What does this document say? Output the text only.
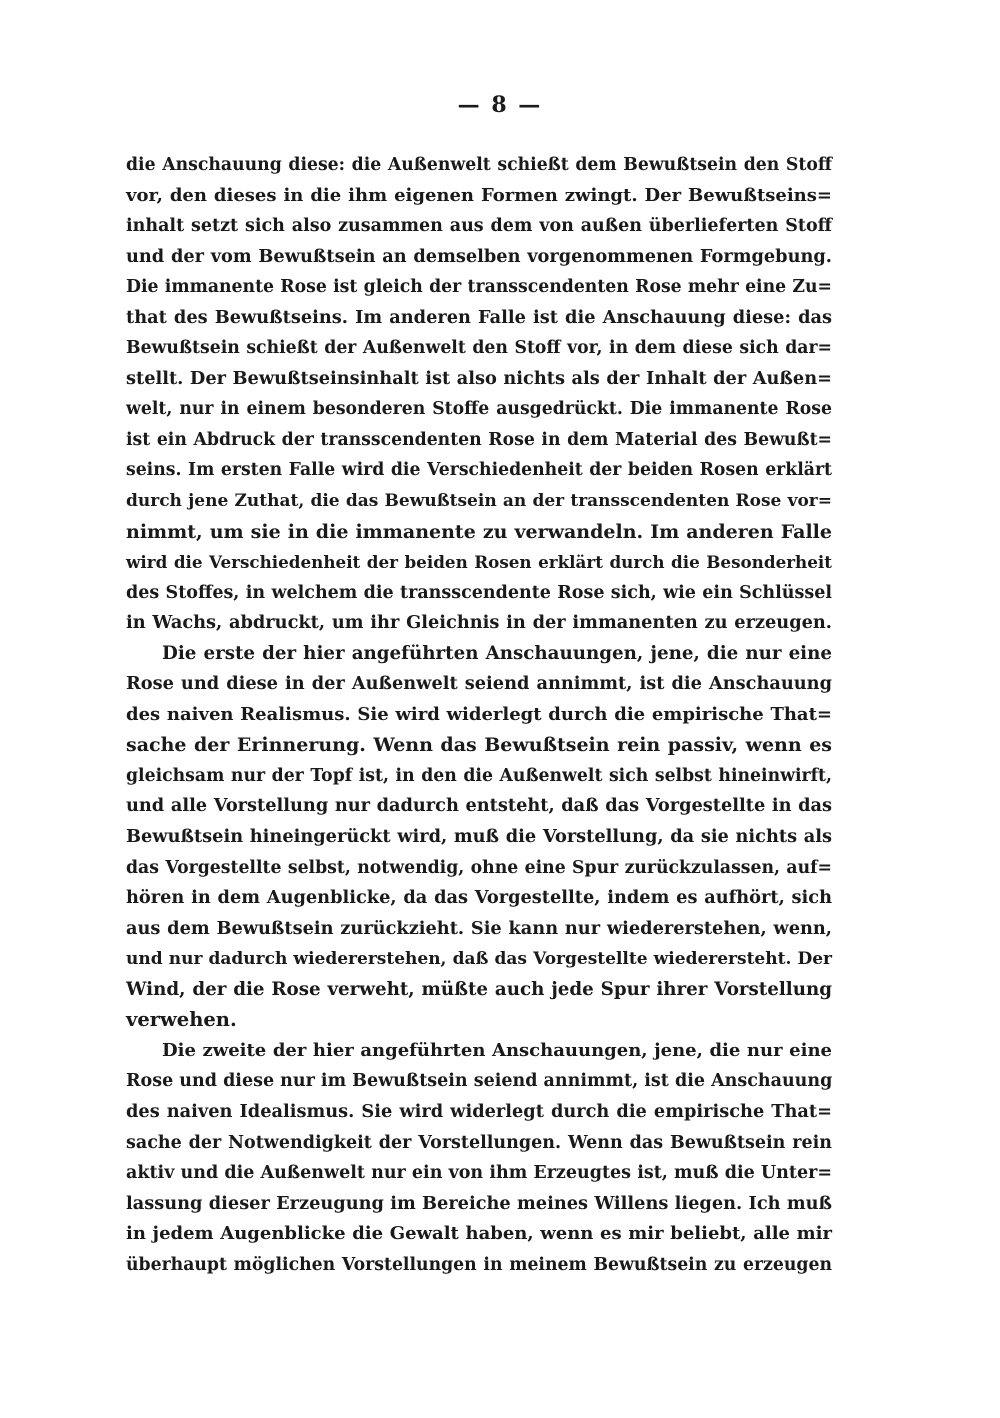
— 8 —
die Anschauung diese: die Außenwelt schießt dem Bewußtsein den Stoff
vor, den dieses in die ihm eigenen Formen zwingt. Der Bewußtseins=
inhalt setzt sich also zusammen aus dem von außen überlieferten Stoff
und der vom Bewußtsein an demselben vorgenommenen Formgebung.
Die immanente Rose ist gleich der transscendenten Rose mehr eine Zu=
that des Bewußtseins. Im anderen Falle ist die Anschauung diese: das
Bewußtsein schießt der Außenwelt den Stoff vor, in dem diese sich dar=
stellt. Der Bewußtseinsinhalt ist also nichts als der Inhalt der Außen=
welt, nur in einem besonderen Stoffe ausgedrückt. Die immanente Rose
ist ein Abdruck der transscendenten Rose in dem Material des Bewußt=
seins. Im ersten Falle wird die Verschiedenheit der beiden Rosen erklärt
durch jene Zuthat, die das Bewußtsein an der transscendenten Rose vor=
nimmt, um sie in die immanente zu verwandeln. Im anderen Falle
wird die Verschiedenheit der beiden Rosen erklärt durch die Besonderheit
des Stoffes, in welchem die transscendente Rose sich, wie ein Schlüssel
in Wachs, abdruckt, um ihr Gleichnis in der immanenten zu erzeugen.
Die erste der hier angeführten Anschauungen, jene, die nur eine
Rose und diese in der Außenwelt seiend annimmt, ist die Anschauung
des naiven Realismus. Sie wird widerlegt durch die empirische That=
sache der Erinnerung. Wenn das Bewußtsein rein passiv, wenn es
gleichsam nur der Topf ist, in den die Außenwelt sich selbst hineinwirft,
und alle Vorstellung nur dadurch entsteht, daß das Vorgestellte in das
Bewußtsein hineingerückt wird, muß die Vorstellung, da sie nichts als
das Vorgestellte selbst, notwendig, ohne eine Spur zurückzulassen, auf=
hören in dem Augenblicke, da das Vorgestellte, indem es aufhört, sich
aus dem Bewußtsein zurückzieht. Sie kann nur wiedererstehen, wenn,
und nur dadurch wiedererstehen, daß das Vorgestellte wiederersteht. Der
Wind, der die Rose verweht, müßte auch jede Spur ihrer Vorstellung
verwehen.
Die zweite der hier angeführten Anschauungen, jene, die nur eine
Rose und diese nur im Bewußtsein seiend annimmt, ist die Anschauung
des naiven Idealismus. Sie wird widerlegt durch die empirische That=
sache der Notwendigkeit der Vorstellungen. Wenn das Bewußtsein rein
aktiv und die Außenwelt nur ein von ihm Erzeugtes ist, muß die Unter=
lassung dieser Erzeugung im Bereiche meines Willens liegen. Ich muß
in jedem Augenblicke die Gewalt haben, wenn es mir beliebt, alle mir
überhaupt möglichen Vorstellungen in meinem Bewußtsein zu erzeugen
